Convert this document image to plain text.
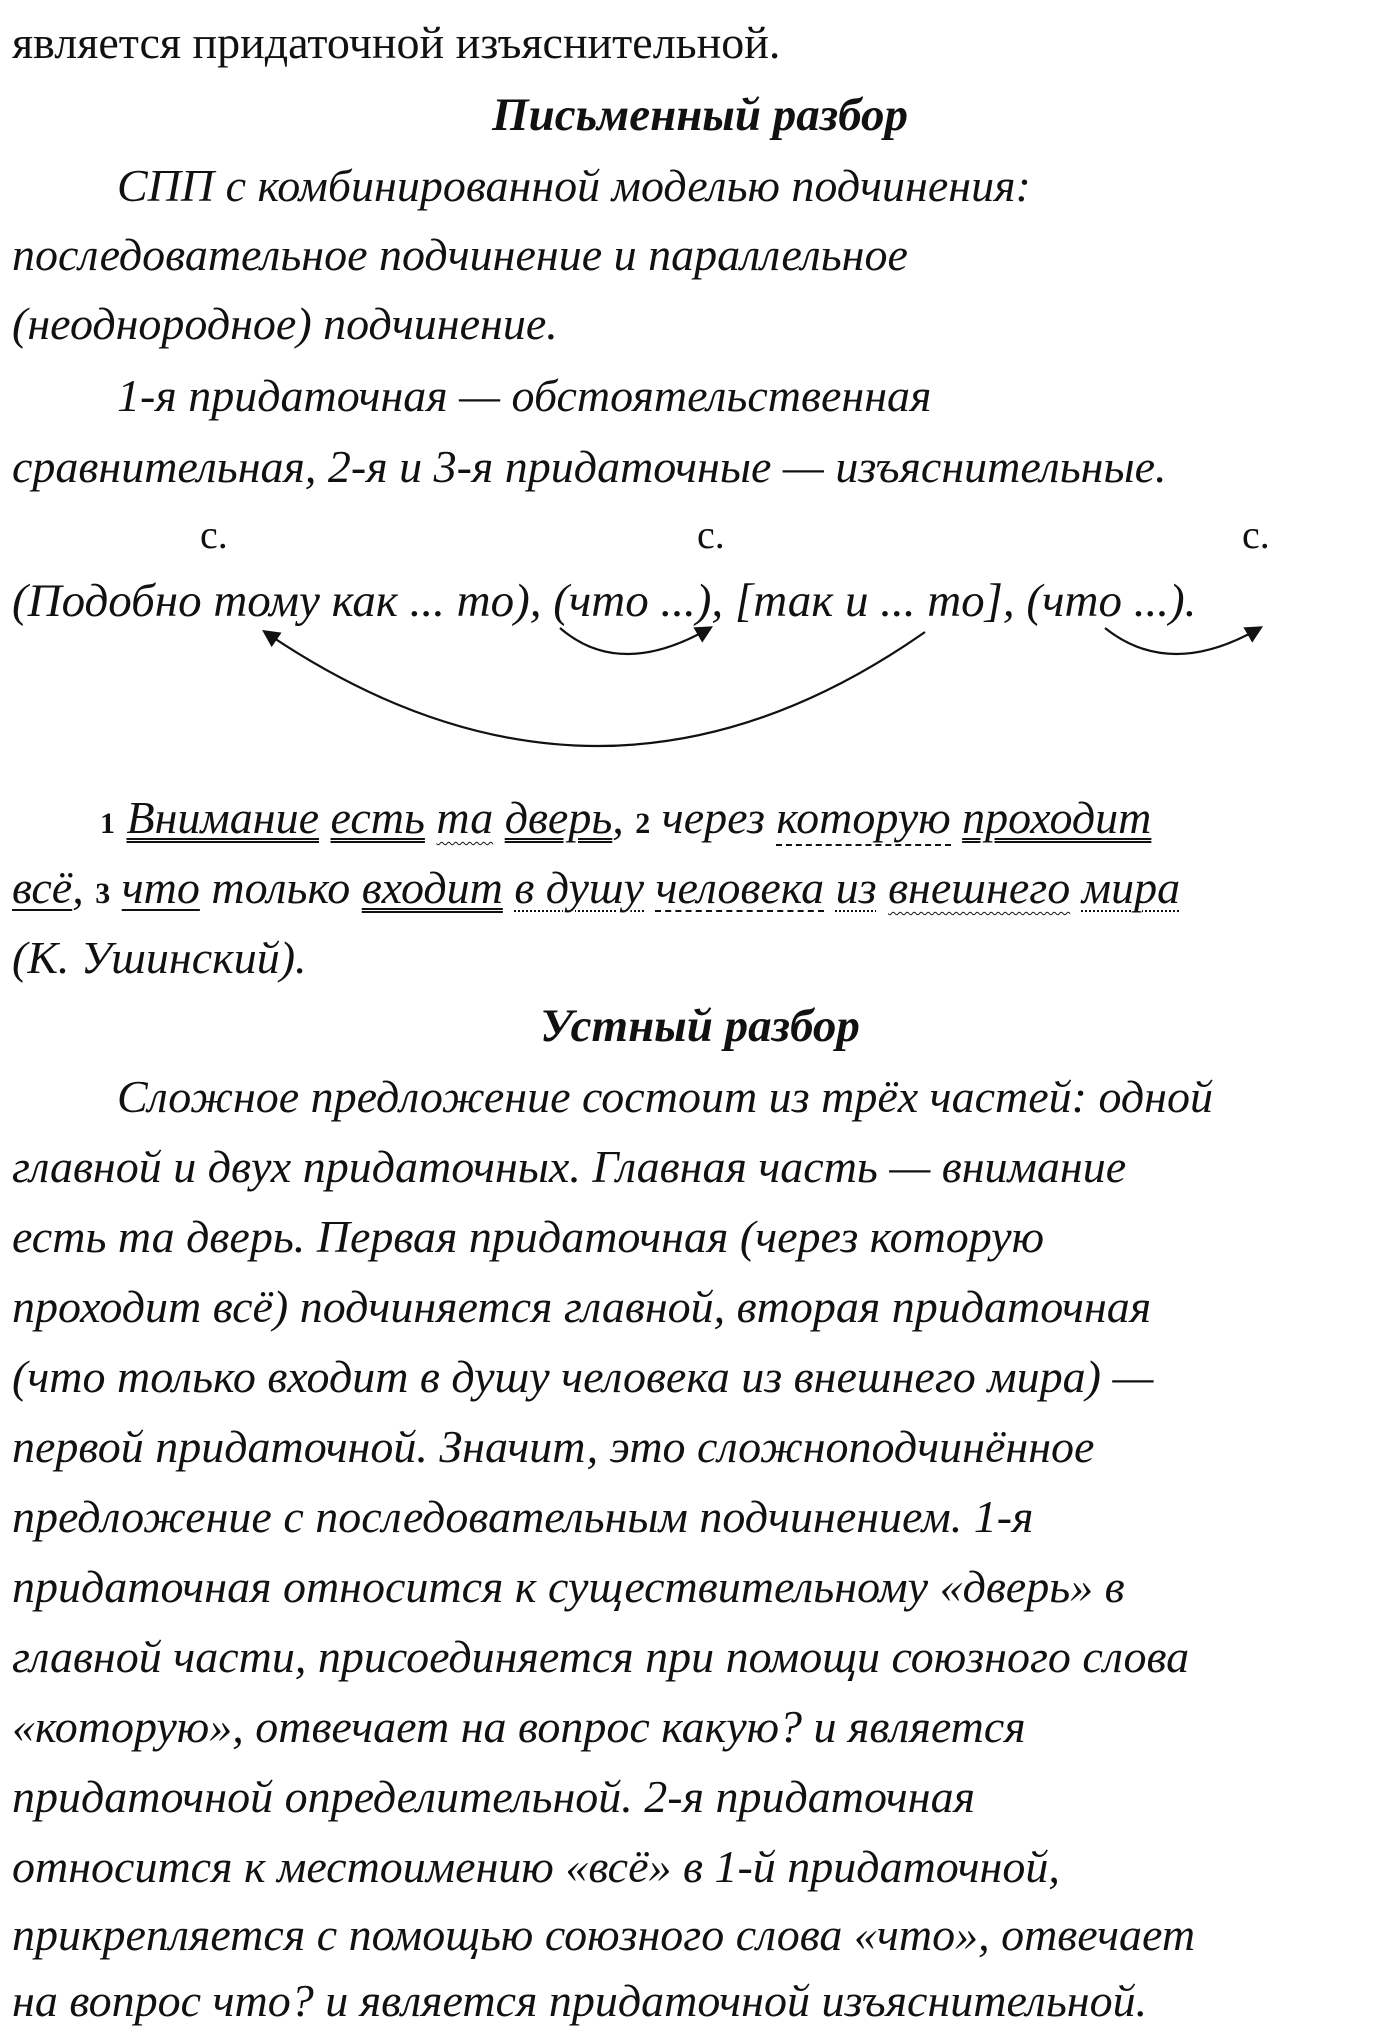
является придаточной изъяснительной.
Письменный разбор
СПП с комбинированной моделью подчинения:
последовательное подчинение и параллельное
(неоднородное) подчинение.
1-я придаточная — обстоятельственная
сравнительная, 2-я и 3-я придаточные — изъяснительные.
с.	с.	с.
(Подобно тому как ... то), (что ...), [так и ... то], (что ...).
1 Внимание есть та дверь, 2 через которую проходит
всё, 3 что только входит в душу человека из внешнего мира
(К. Ушинский).
Устный разбор
Сложное предложение состоит из трёх частей: одной
главной и двух придаточных. Главная часть — внимание
есть та дверь. Первая придаточная (через которую
проходит всё) подчиняется главной, вторая придаточная
(что только входит в душу человека из внешнего мира) —
первой придаточной. Значит, это сложноподчинённое
предложение с последовательным подчинением. 1-я
придаточная относится к существительному «дверь» в
главной части, присоединяется при помощи союзного слова
«которую», отвечает на вопрос какую? и является
придаточной определительной. 2-я придаточная
относится к местоимению «всё» в 1-й придаточной,
прикрепляется с помощью союзного слова «что», отвечает
на вопрос что? и является придаточной изъяснительной.
